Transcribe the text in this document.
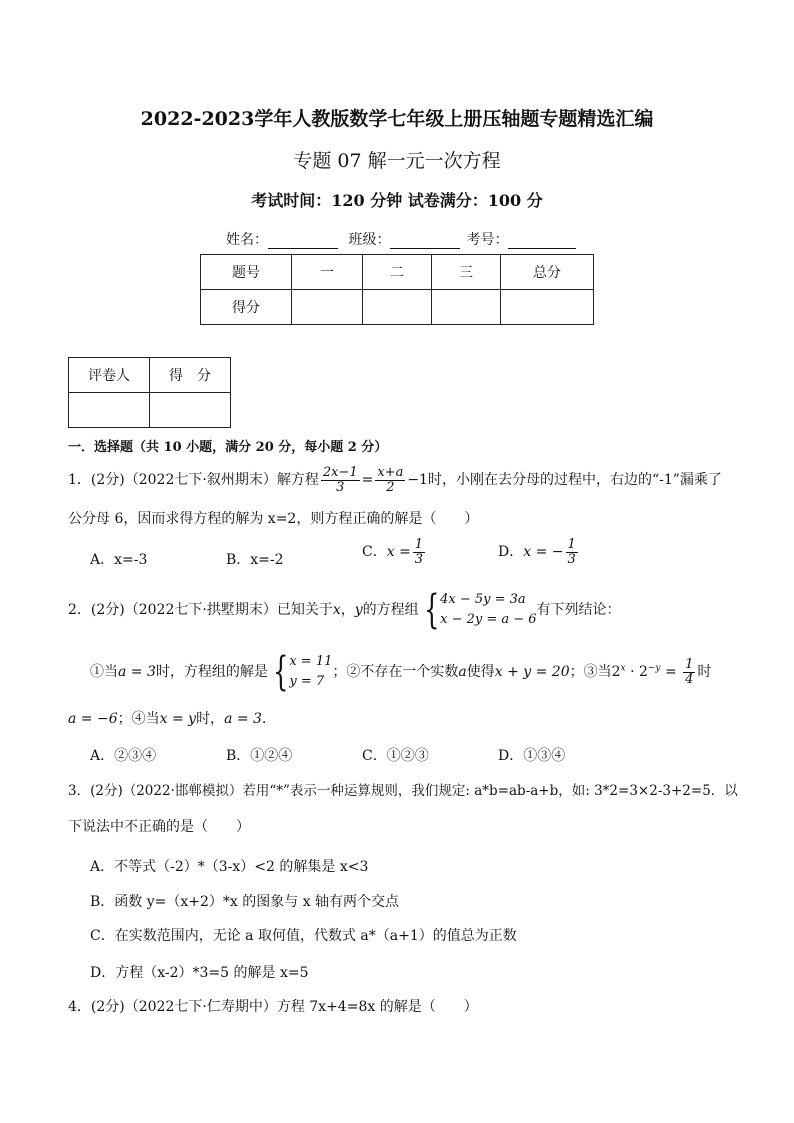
2022-2023学年人教版数学七年级上册压轴题专题精选汇编
专题 07 解一元一次方程
考试时间：120 分钟 试卷满分：100 分
姓名：	班级：	考号：
题号	一	二	三	总分
得分				
评卷人	得　分

一．选择题（共 10 小题，满分 20 分，每小题 2 分）
1．(2分)（2022七下·叙州期末）解方程 $\frac{2x-1}{3} = \frac{x+a}{2} -1$时，小刚在去分母的过程中，右边的“-1”漏乘了
公分母 6，因而求得方程的解为 x=2，则方程正确的解是（　　）
A．x=-3	B．x=-2	C．$x = \frac{1}{3}$	D．x = − $\frac{1}{3}$
2．(2分)（2022七下·拱墅期末）已知关于x，y的方程组 { 4x − 5y = 3a
x − 2y = a − 6
有下列结论：
①当a = 3时，方程组的解是 { x = 11
y = 7
；②不存在一个实数a使得x + y = 20；③当$2^x \cdot 2^{-y} = \frac{1}{4}$ 时
a = −6；④当x = y时，a = 3．
A．②③④	B．①②④	C．①②③	D．①③④
3．(2分)（2022·邯郸模拟）若用“*”表示一种运算规则，我们规定: a*b=ab-a+b，如: 3*2=3×2-3+2=5．以
下说法中不正确的是（　　）
A．不等式（-2）*（3-x）<2 的解集是 x<3
B．函数 y=（x+2）*x 的图象与 x 轴有两个交点
C．在实数范围内，无论 a 取何值，代数式 a*（a+1）的值总为正数
D．方程（x-2）*3=5 的解是 x=5
4．(2分)（2022七下·仁寿期中）方程 7x+4=8x 的解是（　　）
